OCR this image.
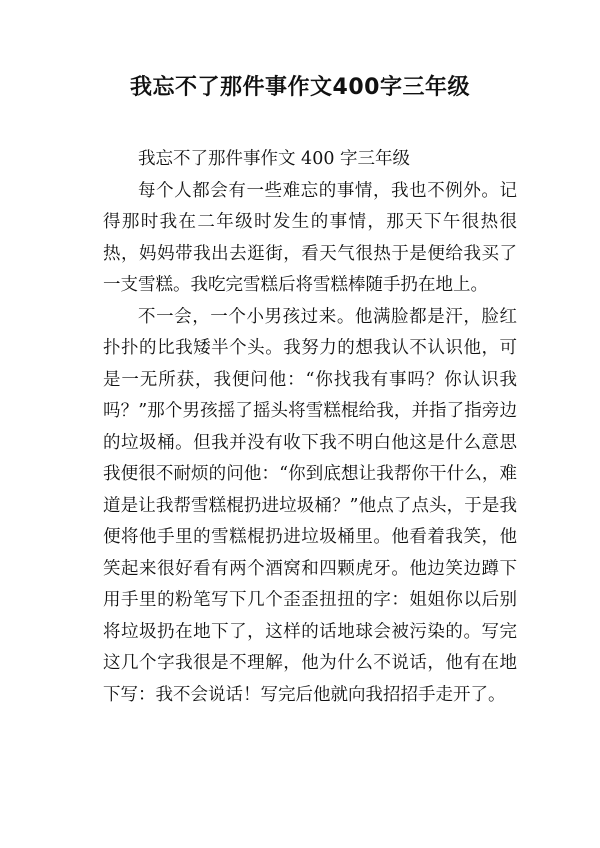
我忘不了那件事作文400字三年级

我忘不了那件事作文 400 字三年级

每个人都会有一些难忘的事情，我也不例外。记得那时我在二年级时发生的事情，那天下午很热很热，妈妈带我出去逛街，看天气很热于是便给我买了一支雪糕。我吃完雪糕后将雪糕棒随手扔在地上。

不一会，一个小男孩过来。他满脸都是汗，脸红扑扑的比我矮半个头。我努力的想我认不认识他，可是一无所获，我便问他：“你找我有事吗？你认识我吗？”那个男孩摇了摇头将雪糕棍给我，并指了指旁边的垃圾桶。但我并没有收下我不明白他这是什么意思我便很不耐烦的问他：“你到底想让我帮你干什么，难道是让我帮雪糕棍扔进垃圾桶？”他点了点头，于是我便将他手里的雪糕棍扔进垃圾桶里。他看着我笑，他笑起来很好看有两个酒窝和四颗虎牙。他边笑边蹲下用手里的粉笔写下几个歪歪扭扭的字：姐姐你以后别将垃圾扔在地下了，这样的话地球会被污染的。写完这几个字我很是不理解，他为什么不说话，他有在地下写：我不会说话！写完后他就向我招招手走开了。
